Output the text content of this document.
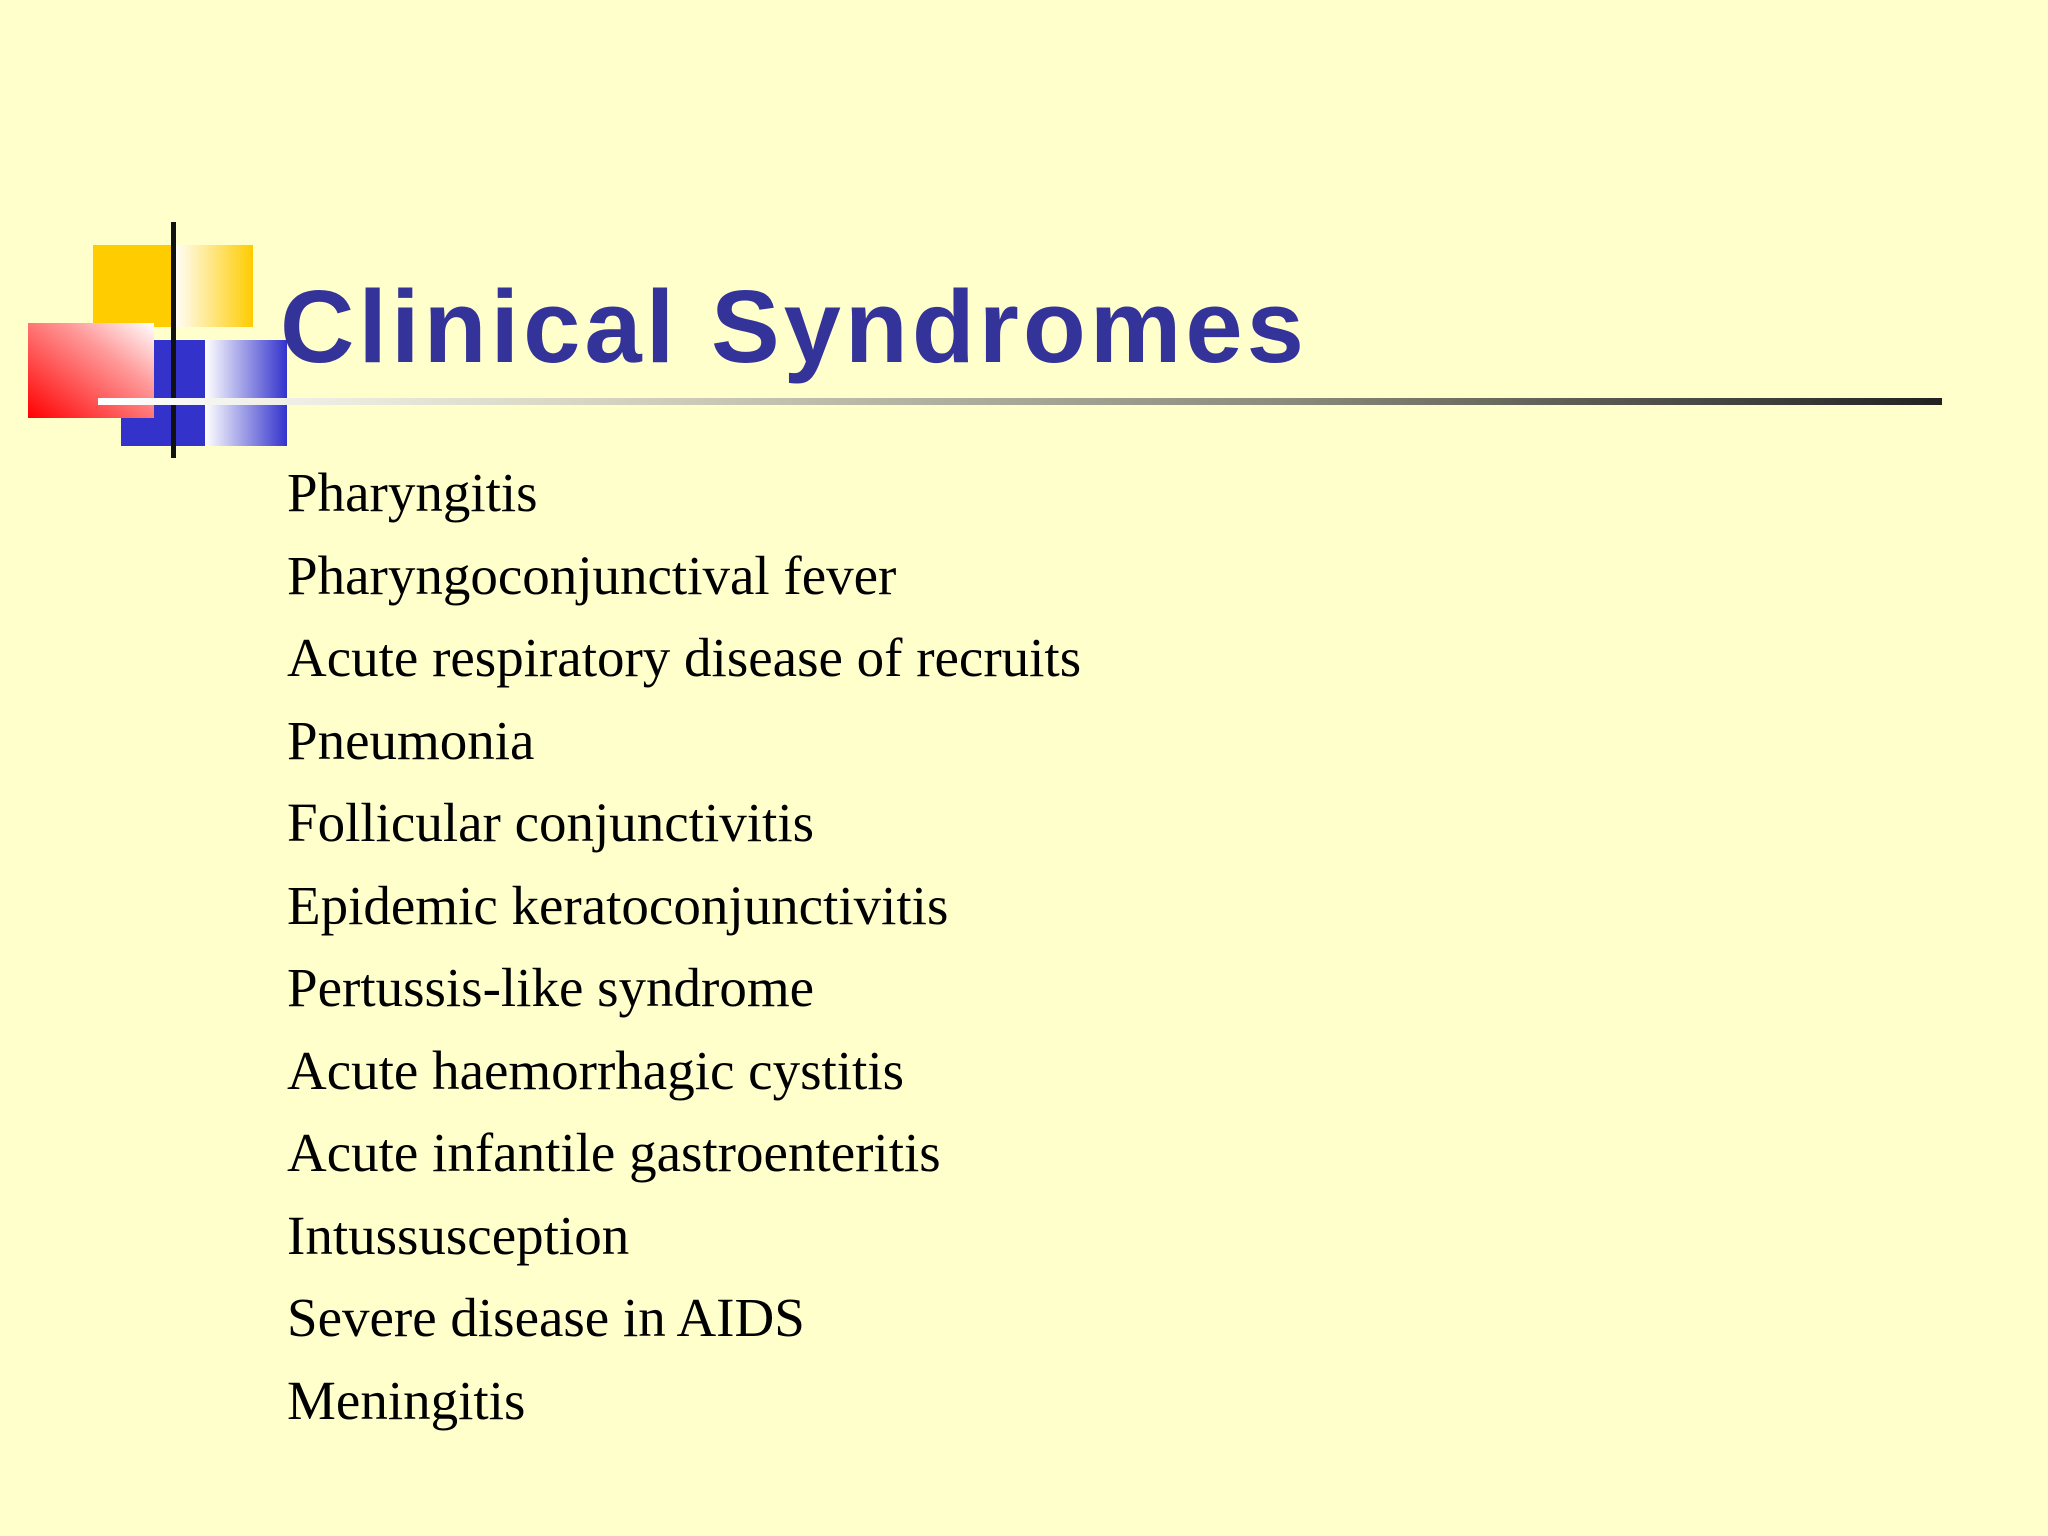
Clinical Syndromes
Pharyngitis
Pharyngoconjunctival fever
Acute respiratory disease of recruits
Pneumonia
Follicular conjunctivitis
Epidemic keratoconjunctivitis
Pertussis-like syndrome
Acute haemorrhagic cystitis
Acute infantile gastroenteritis
Intussusception
Severe disease in AIDS
Meningitis
